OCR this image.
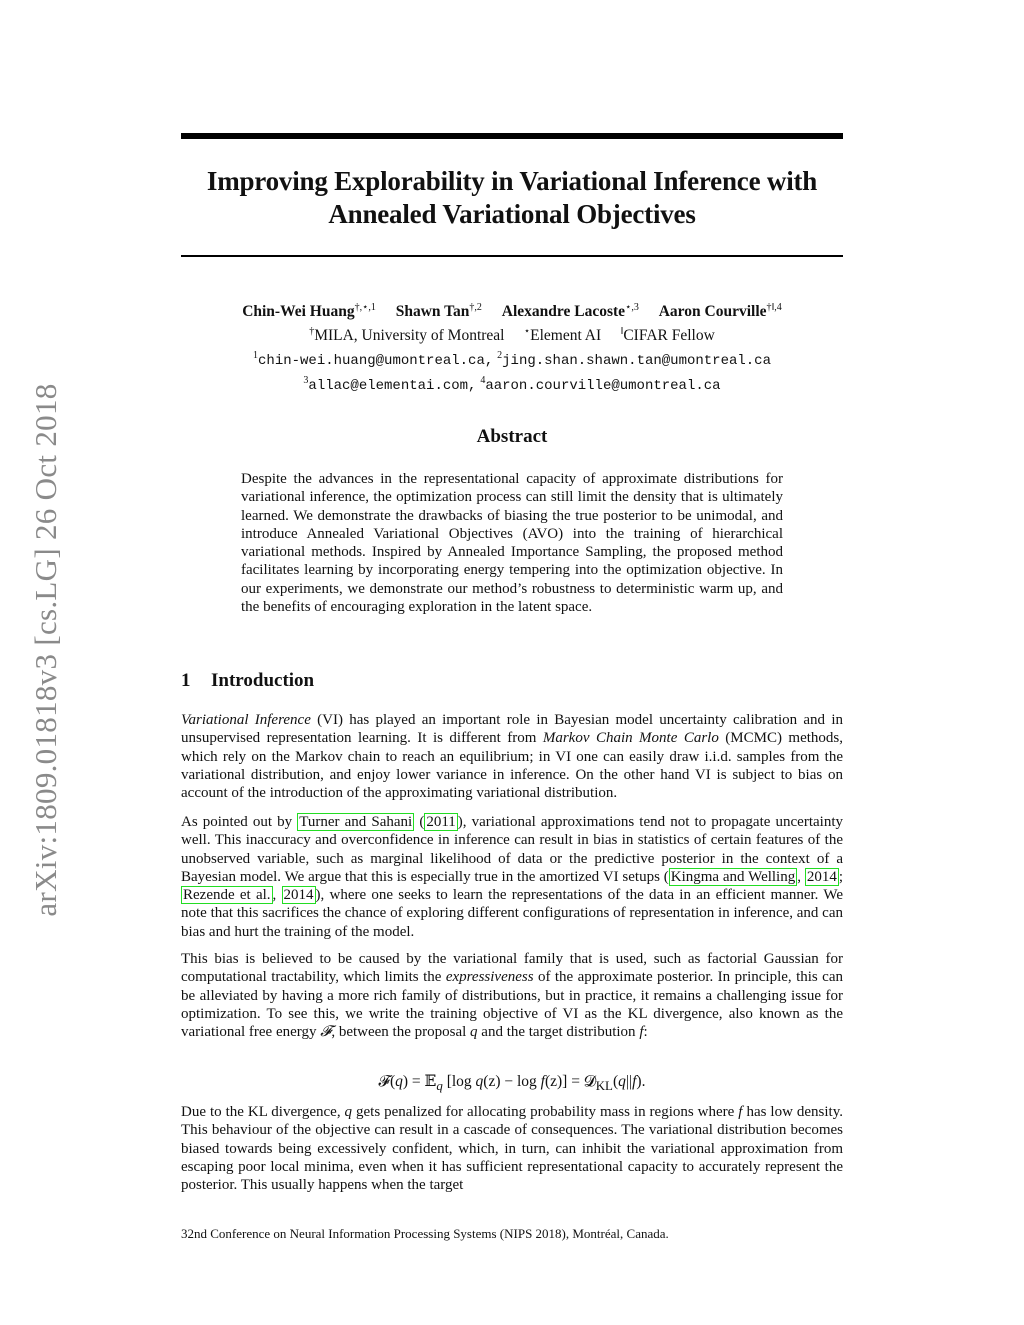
arXiv:1809.01818v3 [cs.LG] 26 Oct 2018
Improving Explorability in Variational Inference with
Annealed Variational Objectives
Chin-Wei Huang$^{\dagger,⋆,1}$ Shawn Tan$^{\dagger,2}$ Alexandre Lacoste$^{⋆,3}$ Aaron Courville$^{\dagger‖,4}$
†MILA, University of Montreal ⋆Element AI ‖CIFAR Fellow
$^1$chin-wei.huang@umontreal.ca, $^2$jing.shan.shawn.tan@umontreal.ca
$^3$allac@elementai.com, $^4$aaron.courville@umontreal.ca
Abstract
Despite the advances in the representational capacity of approximate distributions for variational inference, the optimization process can still limit the density that is ultimately learned. We demonstrate the drawbacks of biasing the true posterior to be unimodal, and introduce Annealed Variational Objectives (AVO) into the training of hierarchical variational methods. Inspired by Annealed Importance Sampling, the proposed method facilitates learning by incorporating energy tempering into the optimization objective. In our experiments, we demonstrate our method’s robustness to deterministic warm up, and the benefits of encouraging exploration in the latent space.
1 Introduction
Variational Inference (VI) has played an important role in Bayesian model uncertainty calibration and in unsupervised representation learning. It is different from Markov Chain Monte Carlo (MCMC) methods, which rely on the Markov chain to reach an equilibrium; in VI one can easily draw i.i.d. samples from the variational distribution, and enjoy lower variance in inference. On the other hand VI is subject to bias on account of the introduction of the approximating variational distribution.
As pointed out by Turner and Sahani ( 2011 ), variational approximations tend not to propagate uncertainty well. This inaccuracy and overconfidence in inference can result in bias in statistics of certain features of the unobserved variable, such as marginal likelihood of data or the predictive posterior in the context of a Bayesian model. We argue that this is especially true in the amortized VI setups ( Kingma and Welling , 2014 ; Rezende et al. , 2014 ), where one seeks to learn the representations of the data in an efficient manner. We note that this sacrifices the chance of exploring different configurations of representation in inference, and can bias and hurt the training of the model.
This bias is believed to be caused by the variational family that is used, such as factorial Gaussian for computational tractability, which limits the expressiveness of the approximate posterior. In principle, this can be alleviated by having a more rich family of distributions, but in practice, it remains a challenging issue for optimization. To see this, we write the training objective of VI as the KL divergence, also known as the variational free energy 𝓕, between the proposal q and the target distribution f:
𝓕(q) = 𝔼$_q$ [log q(z) − log f(z)] = 𝓓$_{KL}$(q||f).
Due to the KL divergence, q gets penalized for allocating probability mass in regions where f has low density. This behaviour of the objective can result in a cascade of consequences. The variational distribution becomes biased towards being excessively confident, which, in turn, can inhibit the variational approximation from escaping poor local minima, even when it has sufficient representational capacity to accurately represent the posterior. This usually happens when the target
32nd Conference on Neural Information Processing Systems (NIPS 2018), Montréal, Canada.
